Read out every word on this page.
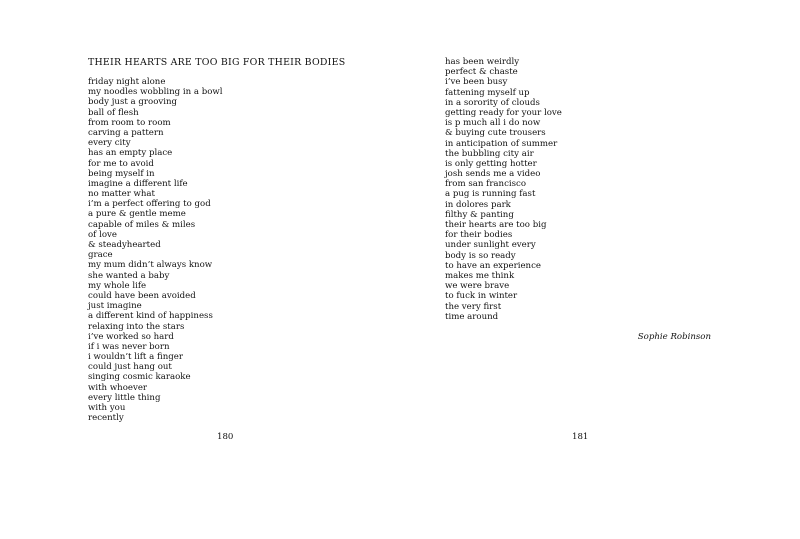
THEIR HEARTS ARE TOO BIG FOR THEIR BODIES
friday night alone
my noodles wobbling in a bowl
body just a grooving
ball of flesh
from room to room
carving a pattern
every city
has an empty place
for me to avoid
being myself in
imagine a different life
no matter what
i’m a perfect offering to god
a pure & gentle meme
capable of miles & miles
of love
& steadyhearted
grace
my mum didn’t always know
she wanted a baby
my whole life
could have been avoided
just imagine
a different kind of happiness
relaxing into the stars
i’ve worked so hard
if i was never born
i wouldn’t lift a finger
could just hang out
singing cosmic karaoke
with whoever
every little thing
with you
recently
180
has been weirdly
perfect & chaste
i’ve been busy
fattening myself up
in a sorority of clouds
getting ready for your love
is p much all i do now
& buying cute trousers
in anticipation of summer
the bubbling city air
is only getting hotter
josh sends me a video
from san francisco
a pug is running fast
in dolores park
filthy & panting
their hearts are too big
for their bodies
under sunlight every
body is so ready
to have an experience
makes me think
we were brave
to fuck in winter
the very first
time around
Sophie Robinson
181
